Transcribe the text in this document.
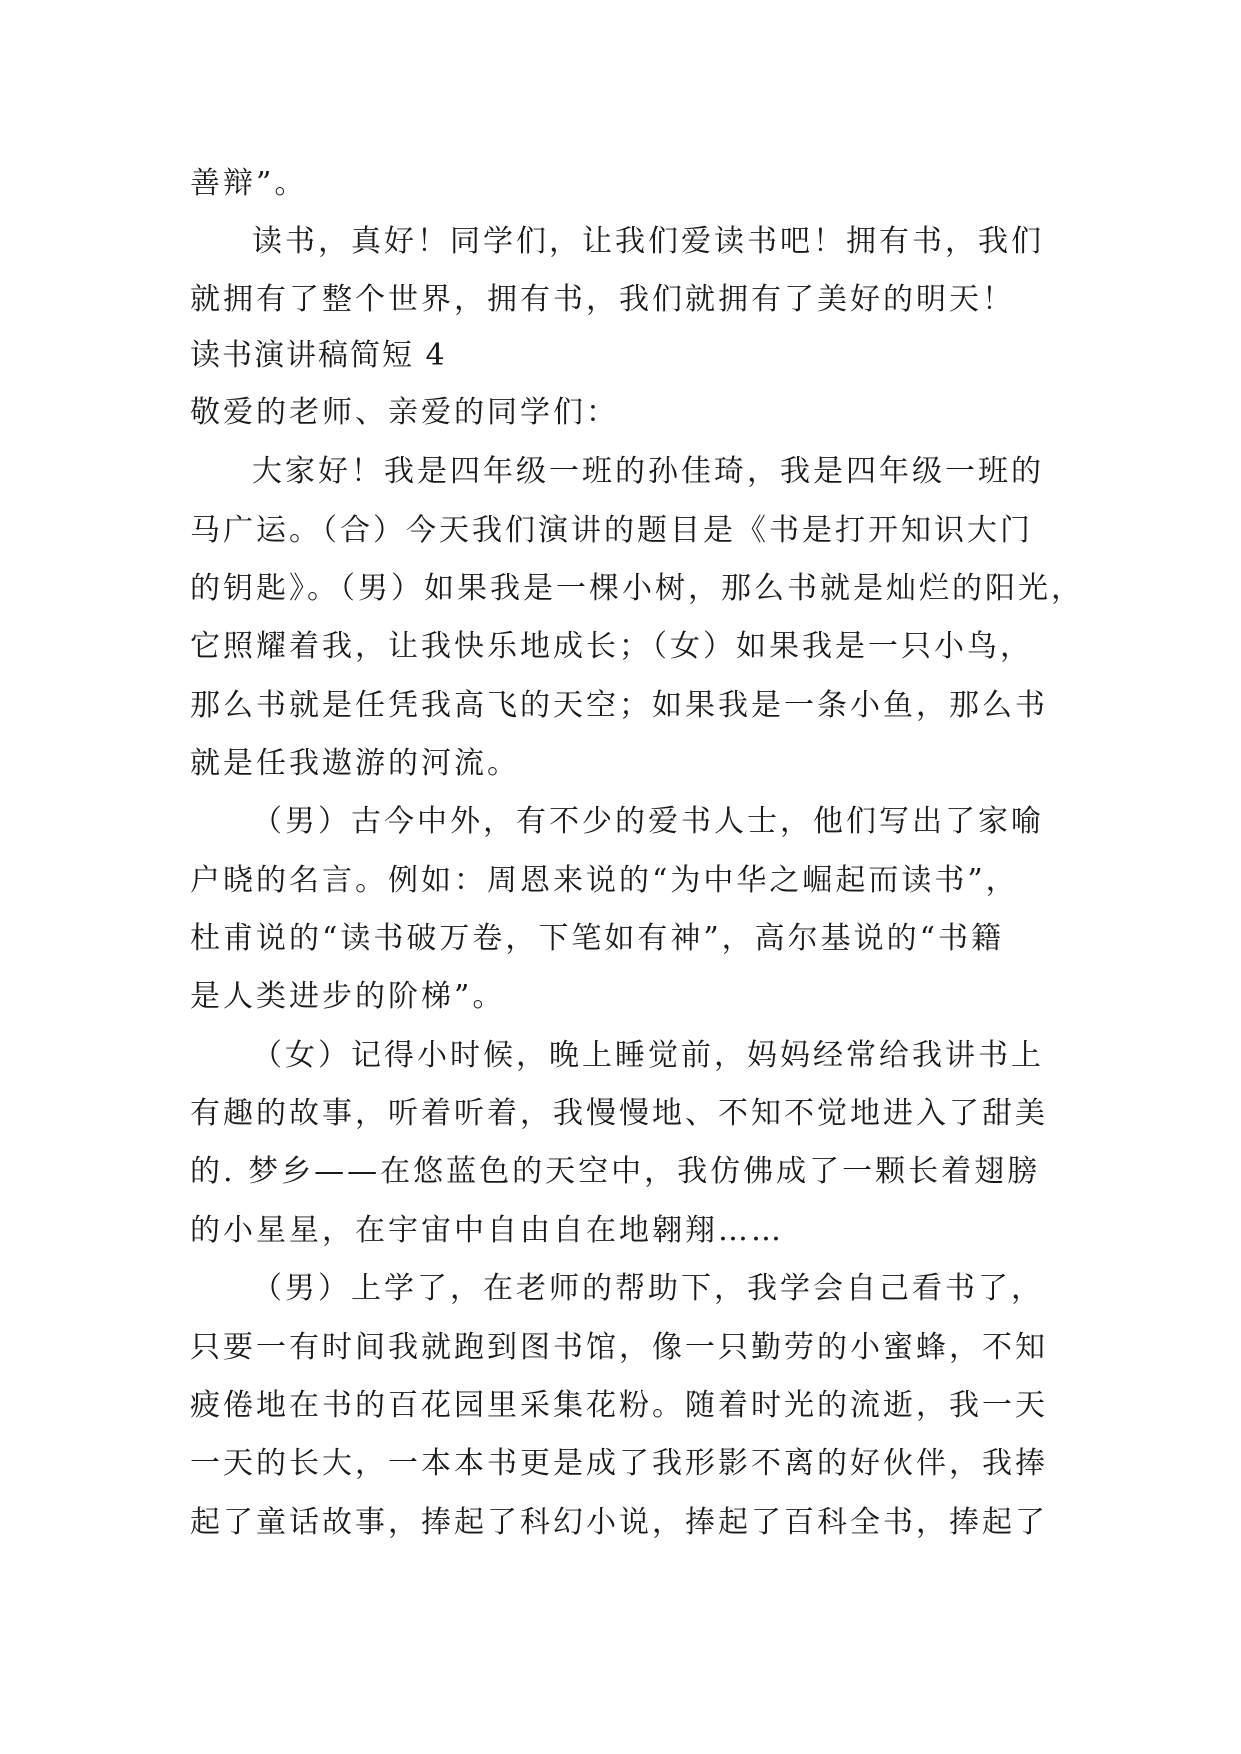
善辩”。
读书，真好！同学们，让我们爱读书吧！拥有书，我们
就拥有了整个世界，拥有书，我们就拥有了美好的明天！
读书演讲稿简短 4
敬爱的老师、亲爱的同学们：
大家好！我是四年级一班的孙佳琦，我是四年级一班的
马广运。（合）今天我们演讲的题目是《书是打开知识大门
的钥匙》。（男）如果我是一棵小树，那么书就是灿烂的阳光，
它照耀着我，让我快乐地成长；（女）如果我是一只小鸟，
那么书就是任凭我高飞的天空；如果我是一条小鱼，那么书
就是任我遨游的河流。
（男）古今中外，有不少的爱书人士，他们写出了家喻
户晓的名言。例如：周恩来说的“为中华之崛起而读书”，
杜甫说的“读书破万卷，下笔如有神”，高尔基说的“书籍
是人类进步的阶梯”。
（女）记得小时候，晚上睡觉前，妈妈经常给我讲书上
有趣的故事，听着听着，我慢慢地、不知不觉地进入了甜美
的. 梦乡——在悠蓝色的天空中，我仿佛成了一颗长着翅膀
的小星星，在宇宙中自由自在地翱翔……
（男）上学了，在老师的帮助下，我学会自己看书了，
只要一有时间我就跑到图书馆，像一只勤劳的小蜜蜂，不知
疲倦地在书的百花园里采集花粉。随着时光的流逝，我一天
一天的长大，一本本书更是成了我形影不离的好伙伴，我捧
起了童话故事，捧起了科幻小说，捧起了百科全书，捧起了
